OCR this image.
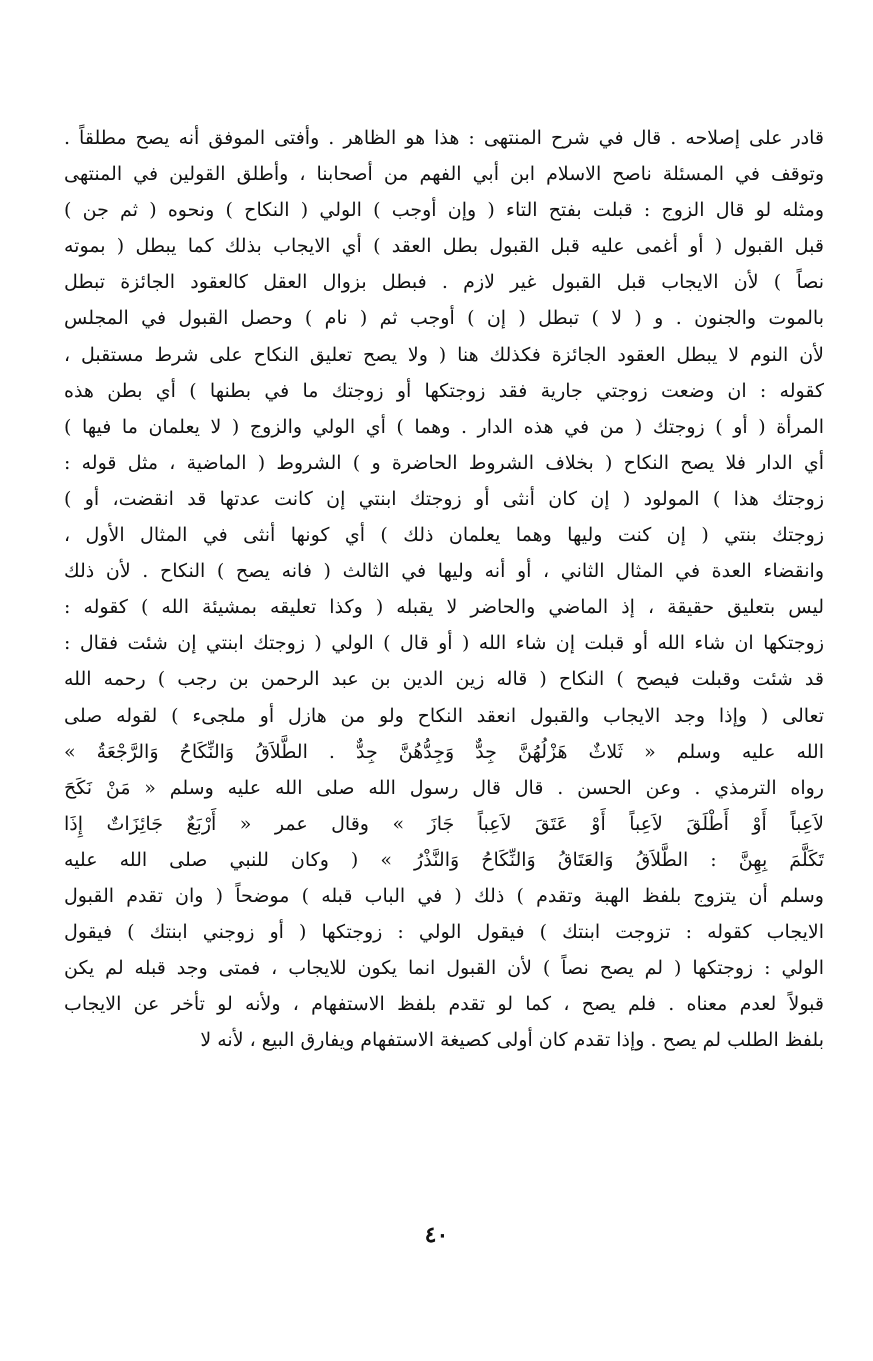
قادر على إصلاحه . قال في شرح المنتهى : هذا هو الظاهر . وأفتى الموفق أنه يصح مطلقاً .
وتوقف في المسئلة ناصح الاسلام ابن أبي الفهم من أصحابنا ، وأطلق القولين في المنتهى
ومثله لو قال الزوج : قبلت بفتح التاء ( وإن أوجب ) الولي ( النكاح ) ونحوه ( ثم جن )
قبل القبول ( أو أغمى عليه قبل القبول بطل العقد ) أي الايجاب بذلك كما يبطل ( بموته
نصاً ) لأن الايجاب قبل القبول غير لازم . فبطل بزوال العقل كالعقود الجائزة تبطل
بالموت والجنون . و ( لا ) تبطل ( إن ) أوجب ثم ( نام ) وحصل القبول في المجلس
لأن النوم لا يبطل العقود الجائزة فكذلك هنا ( ولا يصح تعليق النكاح على شرط مستقبل ،
كقوله : ان وضعت زوجتي جارية فقد زوجتكها أو زوجتك ما في بطنها ) أي بطن هذه
المرأة ( أو ) زوجتك ( من في هذه الدار . وهما ) أي الولي والزوج ( لا يعلمان ما فيها )
أي الدار فلا يصح النكاح ( بخلاف الشروط الحاضرة و ) الشروط ( الماضية ، مثل قوله :
زوجتك هذا ) المولود ( إن كان أنثى أو زوجتك ابنتي إن كانت عدتها قد انقضت، أو )
زوجتك بنتي ( إن كنت وليها وهما يعلمان ذلك ) أي كونها أنثى في المثال الأول ،
وانقضاء العدة في المثال الثاني ، أو أنه وليها في الثالث ( فانه يصح ) النكاح . لأن ذلك
ليس بتعليق حقيقة ، إذ الماضي والحاضر لا يقبله ( وكذا تعليقه بمشيئة الله ) كقوله :
زوجتكها ان شاء الله أو قبلت إن شاء الله ( أو قال ) الولي ( زوجتك ابنتي إن شئت فقال :
قد شئت وقبلت فيصح ) النكاح ( قاله زين الدين بن عبد الرحمن بن رجب ) رحمه الله
تعالى ( وإذا وجد الايجاب والقبول انعقد النكاح ولو من هازل أو ملجىء ) لقوله صلى
الله عليه وسلم « ثَلاثٌ هَزْلُهُنَّ جِدٌّ وَجِدُّهُنَّ جِدٌّ . الطَّلاَقُ وَالنِّكَاحُ وَالرَّجْعَةُ »
رواه الترمذي . وعن الحسن . قال قال رسول الله صلى الله عليه وسلم « مَنْ نَكَحَ
لاَعِباً أَوْ أَطْلَقَ لاَعِباً أَوْ عَتَقَ لاَعِباً جَازَ » وقال عمر « أَرْبَعٌ جَائِزَاتٌ إِذَا
تَكَلَّمَ بِهِنَّ : الطَّلاَقُ وَالعَتَاقُ وَالنِّكَاحُ وَالنَّذْرُ » ( وكان للنبي صلى الله عليه
وسلم أن يتزوج بلفظ الهبة وتقدم ) ذلك ( في الباب قبله ) موضحاً ( وان تقدم القبول
الايجاب كقوله : تزوجت ابنتك ) فيقول الولي : زوجتكها ( أو زوجني ابنتك ) فيقول
الولي : زوجتكها ( لم يصح نصاً ) لأن القبول انما يكون للايجاب ، فمتى وجد قبله لم يكن
قبولاً لعدم معناه . فلم يصح ، كما لو تقدم بلفظ الاستفهام ، ولأنه لو تأخر عن الايجاب
بلفظ الطلب لم يصح . وإذا تقدم كان أولى كصيغة الاستفهام ويفارق البيع ، لأنه لا
٤٠
